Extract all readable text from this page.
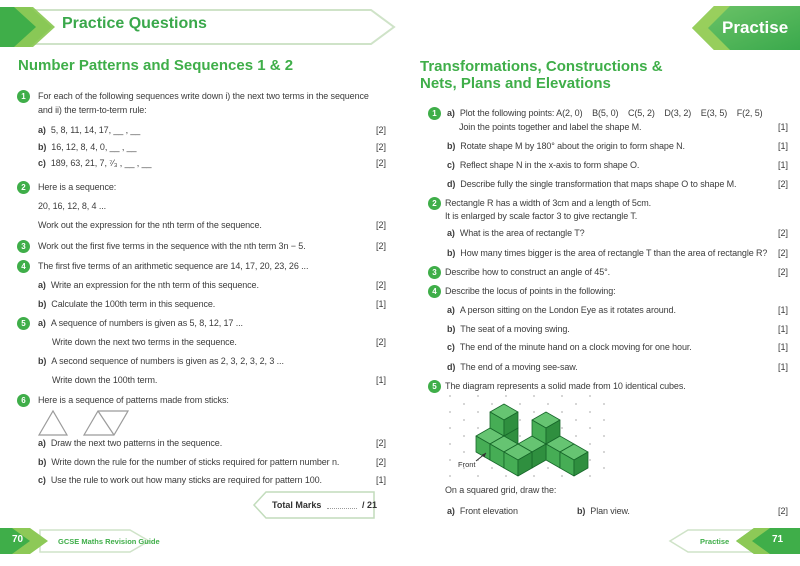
Practice Questions
Number Patterns and Sequences 1 & 2
1	For each of the following sequences write down i) the next two terms in the sequence
and ii) the term-to-term rule:
a) 5, 8, 11, 14, 17, __ , __	[2]
b) 16, 12, 8, 4, 0, __ , __	[2]
c) 189, 63, 21, 7, ⁷⁄₃ , __ , __	[2]
2	Here is a sequence:
20, 16, 12, 8, 4 ...
Work out the expression for the nth term of the sequence.	[2]
3	Work out the first five terms in the sequence with the nth term 3n − 5.	[2]
4	The first five terms of an arithmetic sequence are 14, 17, 20, 23, 26 ...
a) Write an expression for the nth term of this sequence.	[2]
b) Calculate the 100th term in this sequence.	[1]
5	a) A sequence of numbers is given as 5, 8, 12, 17 ...
Write down the next two terms in the sequence.	[2]
b) A second sequence of numbers is given as 2, 3, 2, 3, 2, 3 ...
Write down the 100th term.	[1]
6	Here is a sequence of patterns made from sticks:
a) Draw the next two patterns in the sequence.	[2]
b) Write down the rule for the number of sticks required for pattern number n.	[2]
c) Use the rule to work out how many sticks are required for pattern 100.	[1]
Total Marks	/ 21
70	GCSE Maths Revision Guide
Practise
Transformations, Constructions &
Nets, Plans and Elevations
1	a) Plot the following points: A(2, 0)    B(5, 0)    C(5, 2)    D(3, 2)    E(3, 5)    F(2, 5)
Join the points together and label the shape M.	[1]
b) Rotate shape M by 180° about the origin to form shape N.	[1]
c) Reflect shape N in the x-axis to form shape O.	[1]
d) Describe fully the single transformation that maps shape O to shape M.	[2]
2 Rectangle R has a width of 3cm and a length of 5cm.
It is enlarged by scale factor 3 to give rectangle T.
a) What is the area of rectangle T?	[2]
b) How many times bigger is the area of rectangle T than the area of rectangle R?	[2]
3 Describe how to construct an angle of 45°.	[2]
4 Describe the locus of points in the following:
a) A person sitting on the London Eye as it rotates around.	[1]
b) The seat of a moving swing.	[1]
c) The end of the minute hand on a clock moving for one hour.	[1]
d) The end of a moving see-saw.	[1]
5 The diagram represents a solid made from 10 identical cubes.
Front
On a squared grid, draw the:
a) Front elevation	b) Plan view.	[2]
Practise	71
